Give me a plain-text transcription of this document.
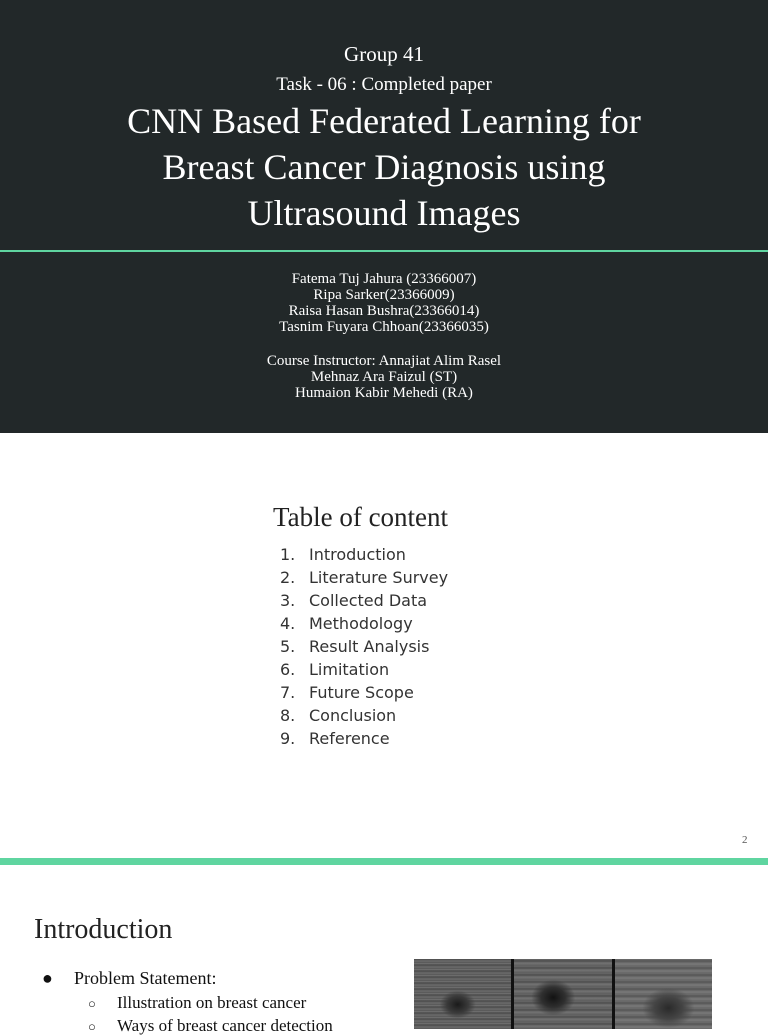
Group 41
Task - 06 : Completed paper
CNN Based Federated Learning for
Breast Cancer Diagnosis using
Ultrasound Images
Fatema Tuj Jahura (23366007)
Ripa Sarker(23366009)
Raisa Hasan Bushra(23366014)
Tasnim Fuyara Chhoan(23366035)
Course Instructor: Annajiat Alim Rasel
Mehnaz Ara Faizul (ST)
Humaion Kabir Mehedi (RA)
Table of content
1. Introduction
2. Literature Survey
3. Collected Data
4. Methodology
5. Result Analysis
6. Limitation
7. Future Scope
8. Conclusion
9. Reference
2
Introduction
● Problem Statement:
○ Illustration on breast cancer
○ Ways of breast cancer detection
